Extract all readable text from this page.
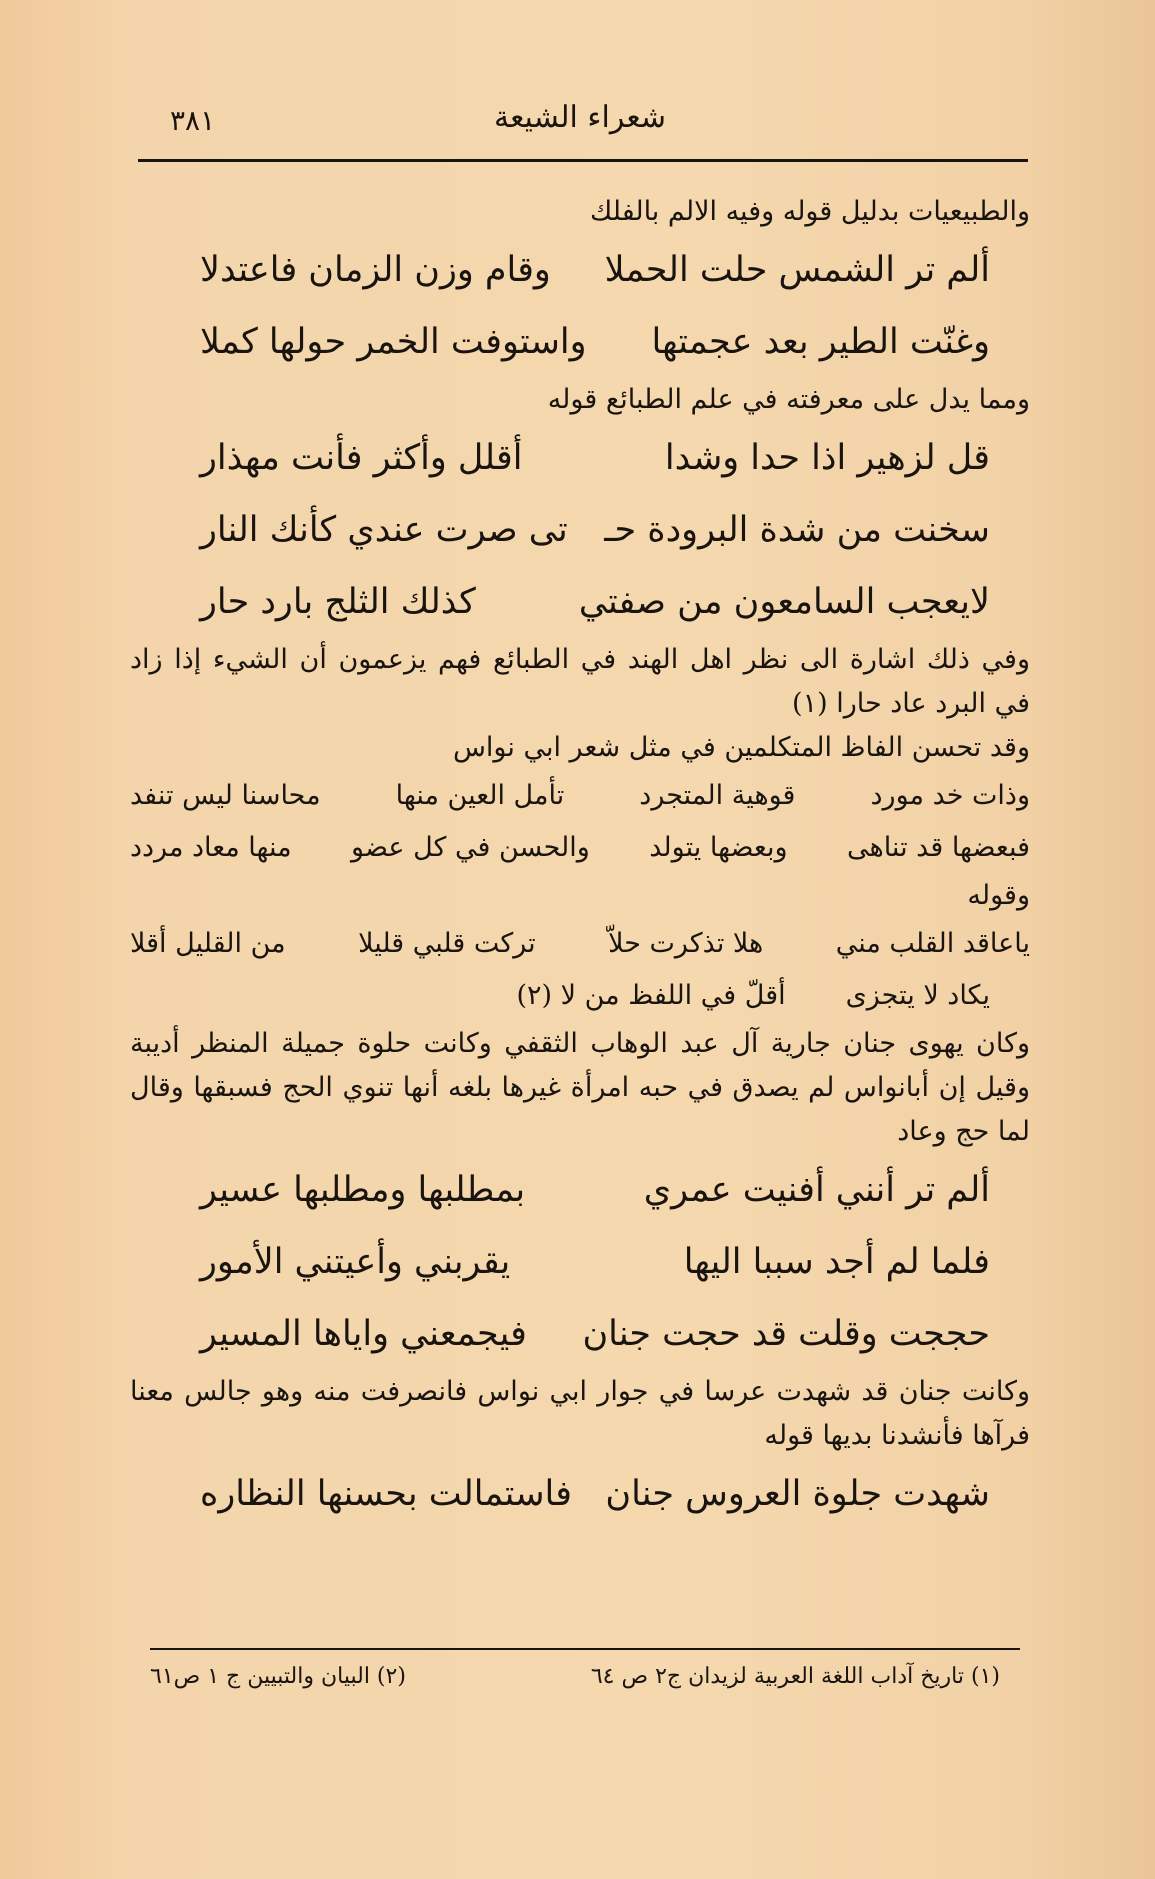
شعراء الشيعة
٣٨١

والطبيعيات بدليل قوله وفيه الالم بالفلك

ألم تر الشمس حلت الحملا
وقام وزن الزمان فاعتدلا
وغنّت الطير بعد عجمتها
واستوفت الخمر حولها كملا

ومما يدل على معرفته في علم الطبائع قوله

قل لزهير اذا حدا وشدا
أقلل وأكثر فأنت مهذار
سخنت من شدة البرودة حـ
تى صرت عندي كأنك النار
لايعجب السامعون من صفتي
كذلك الثلج بارد حار

وفي ذلك اشارة الى نظر اهل الهند في الطبائع فهم يزعمون أن الشيء إذا زاد في البرد عاد حارا (١)

وقد تحسن الفاظ المتكلمين في مثل شعر ابي نواس

وذات خد مورد
قوهية المتجرد
تأمل العين منها
محاسنا ليس تنفد
فبعضها قد تناهى
وبعضها يتولد
والحسن في كل عضو
منها معاد مردد

وقوله

ياعاقد القلب مني
هلا تذكرت حلاّ
تركت قلبي قليلا
من القليل أقلا
يكاد لا يتجزى
أقلّ في اللفظ من لا (٢)

وكان يهوى جنان جارية آل عبد الوهاب الثقفي وكانت حلوة جميلة المنظر أديبة وقيل إن أبانواس لم يصدق في حبه امرأة غيرها بلغه أنها تنوي الحج فسبقها وقال لما حج وعاد

ألم تر أنني أفنيت عمري
بمطلبها ومطلبها عسير
فلما لم أجد سببا اليها
يقربني وأعيتني الأمور
حججت وقلت قد حجت جنان
فيجمعني واياها المسير

وكانت جنان قد شهدت عرسا في جوار ابي نواس فانصرفت منه وهو جالس معنا فرآها فأنشدنا بديها قوله

شهدت جلوة العروس جنان
فاستمالت بحسنها النظاره
(١) تاريخ آداب اللغة العربية لزيدان ج٢ ص ٦٤
(٢) البيان والتبيين ج ١ ص٦١
